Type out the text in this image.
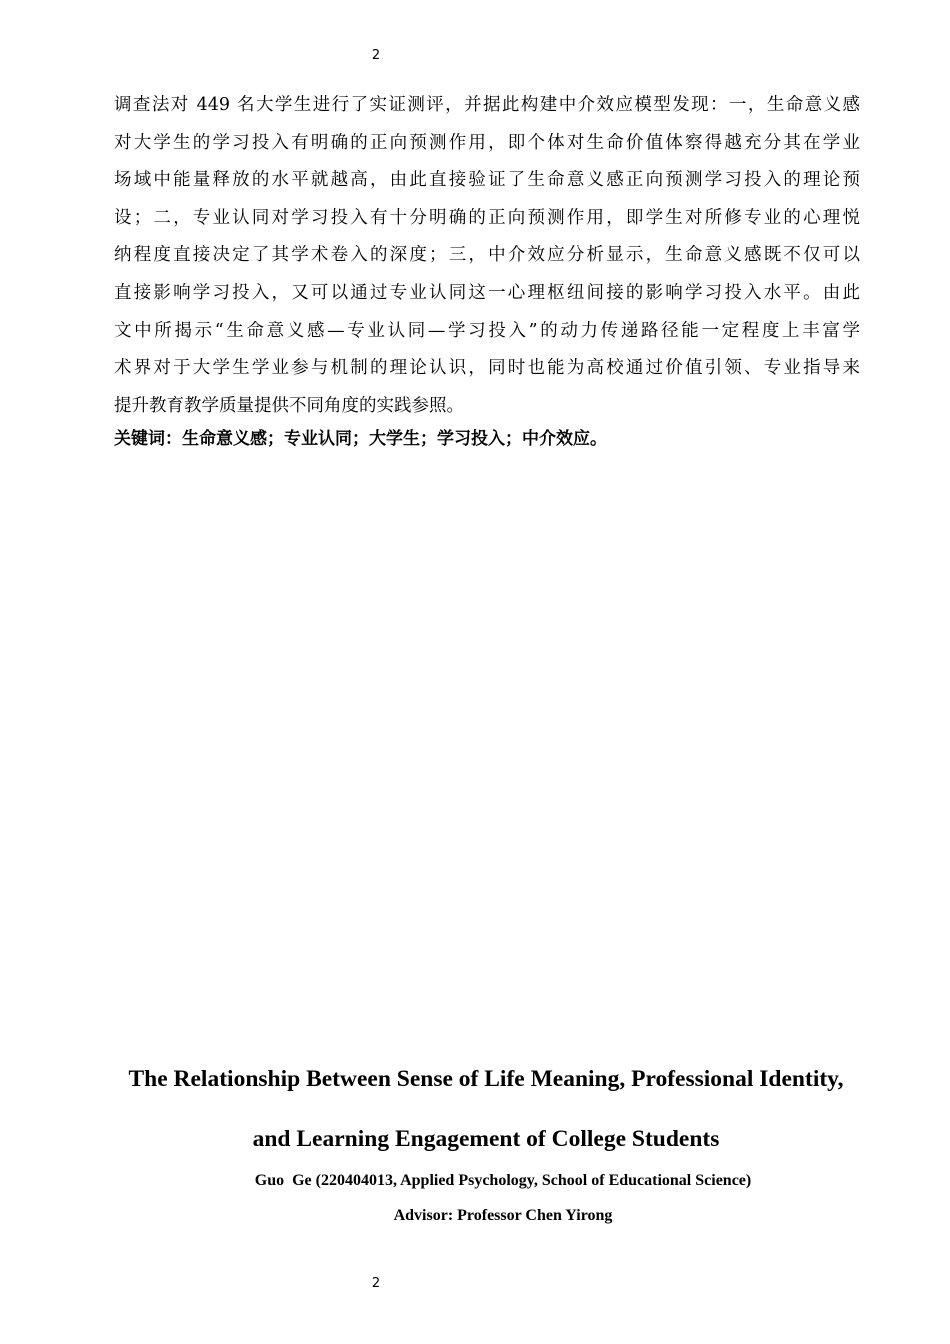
2
调查法对 449 名大学生进行了实证测评，并据此构建中介效应模型发现：一，生命意义感
对大学生的学习投入有明确的正向预测作用，即个体对生命价值体察得越充分其在学业
场域中能量释放的水平就越高，由此直接验证了生命意义感正向预测学习投入的理论预
设；二，专业认同对学习投入有十分明确的正向预测作用，即学生对所修专业的心理悦
纳程度直接决定了其学术卷入的深度；三，中介效应分析显示，生命意义感既不仅可以
直接影响学习投入，又可以通过专业认同这一心理枢纽间接的影响学习投入水平。由此
文中所揭示“生命意义感—专业认同—学习投入”的动力传递路径能一定程度上丰富学
术界对于大学生学业参与机制的理论认识，同时也能为高校通过价值引领、专业指导来
提升教育教学质量提供不同角度的实践参照。
关键词：生命意义感；专业认同；大学生；学习投入；中介效应。
The Relationship Between Sense of Life Meaning, Professional Identity,
and Learning Engagement of College Students
Guo  Ge (220404013, Applied Psychology, School of Educational Science)
Advisor: Professor Chen Yirong
2
